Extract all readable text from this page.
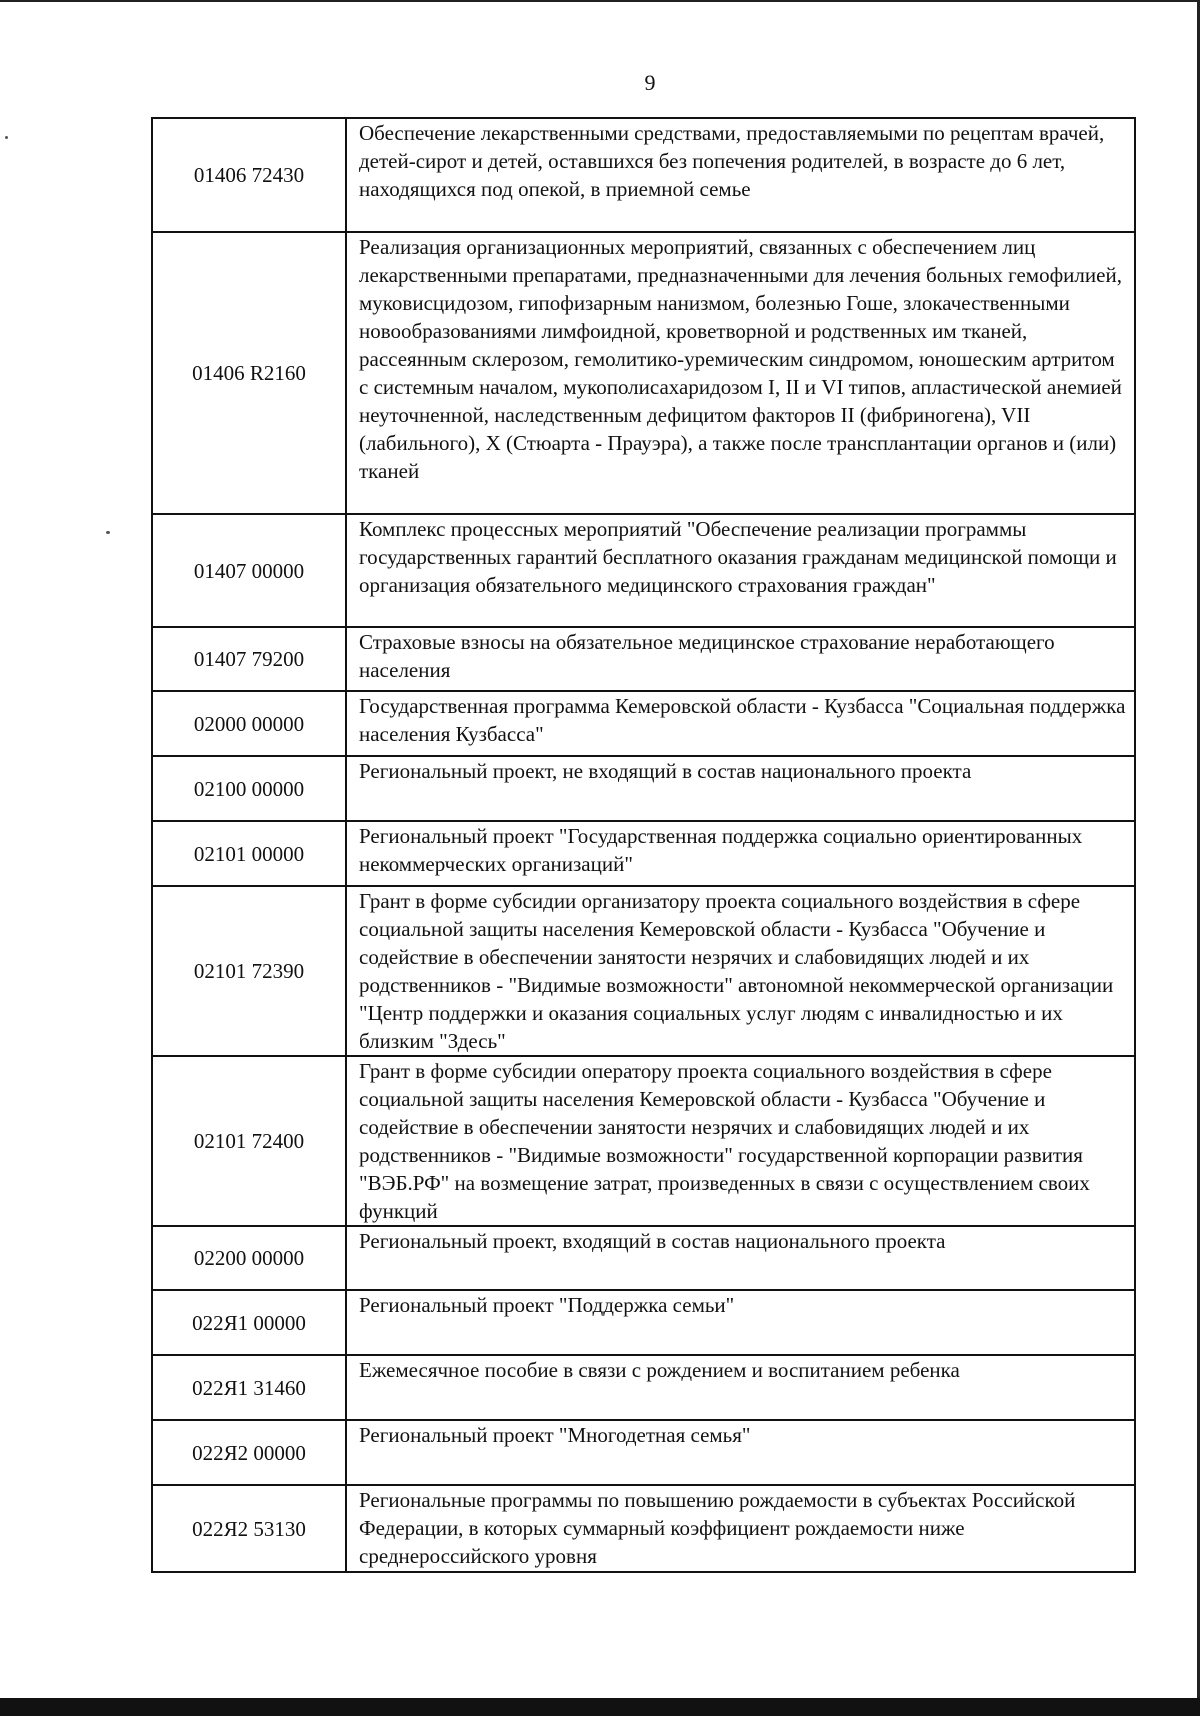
9
01406 72430	Обеспечение лекарственными средствами, предоставляемыми по рецептам врачей, детей-сирот и детей, оставшихся без попечения родителей, в возрасте до 6 лет, находящихся под опекой, в приемной семье
01406 R2160	Реализация организационных мероприятий, связанных с обеспечением лиц лекарственными препаратами, предназначенными для лечения больных гемофилией, муковисцидозом, гипофизарным нанизмом, болезнью Гоше, злокачественными новообразованиями лимфоидной, кроветворной и родственных им тканей, рассеянным склерозом, гемолитико-уремическим синдромом, юношеским артритом с системным началом, мукополисахаридозом I, II и VI типов, апластической анемией неуточненной, наследственным дефицитом факторов II (фибриногена), VII (лабильного), X (Стюарта - Прауэра), а также после трансплантации органов и (или) тканей
01407 00000	Комплекс процессных мероприятий "Обеспечение реализации программы государственных гарантий бесплатного оказания гражданам медицинской помощи и организация обязательного медицинского страхования граждан"
01407 79200	Страховые взносы на обязательное медицинское страхование неработающего населения
02000 00000	Государственная программа Кемеровской области - Кузбасса "Социальная поддержка населения Кузбасса"
02100 00000	Региональный проект, не входящий в состав национального проекта
02101 00000	Региональный проект "Государственная поддержка социально ориентированных некоммерческих организаций"
02101 72390	Грант в форме субсидии организатору проекта социального воздействия в сфере социальной защиты населения Кемеровской области - Кузбасса "Обучение и содействие в обеспечении занятости незрячих и слабовидящих людей и их родственников - "Видимые возможности" автономной некоммерческой организации "Центр поддержки и оказания социальных услуг людям с инвалидностью и их близким "Здесь"
02101 72400	Грант в форме субсидии оператору проекта социального воздействия в сфере социальной защиты населения Кемеровской области - Кузбасса "Обучение и содействие в обеспечении занятости незрячих и слабовидящих людей и их родственников - "Видимые возможности" государственной корпорации развития "ВЭБ.РФ" на возмещение затрат, произведенных в связи с осуществлением своих функций
02200 00000	Региональный проект, входящий в состав национального проекта
022Я1 00000	Региональный проект "Поддержка семьи"
022Я1 31460	Ежемесячное пособие в связи с рождением и воспитанием ребенка
022Я2 00000	Региональный проект "Многодетная семья"
022Я2 53130	Региональные программы по повышению рождаемости в субъектах Российской Федерации, в которых суммарный коэффициент рождаемости ниже среднероссийского уровня
